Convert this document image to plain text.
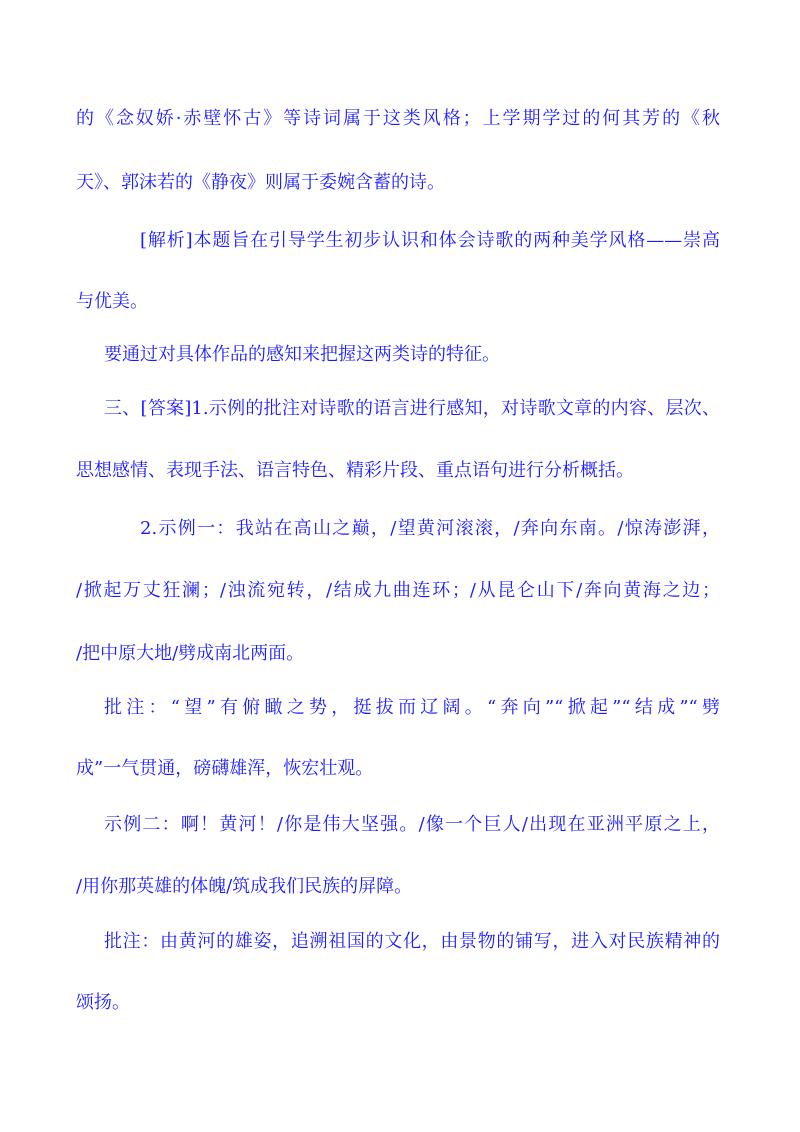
的《念奴娇·赤壁怀古》等诗词属于这类风格；上学期学过的何其芳的《秋

天》、郭沫若的《静夜》则属于委婉含蓄的诗。

[解析]本题旨在引导学生初步认识和体会诗歌的两种美学风格——崇高

与优美。

要通过对具体作品的感知来把握这两类诗的特征。

三、[答案]1.示例的批注对诗歌的语言进行感知，对诗歌文章的内容、层次、

思想感情、表现手法、语言特色、精彩片段、重点语句进行分析概括。

2.示例一：我站在高山之巅，/望黄河滚滚，/奔向东南。/惊涛澎湃，

/掀起万丈狂澜；/浊流宛转，/结成九曲连环；/从昆仑山下/奔向黄海之边；

/把中原大地/劈成南北两面。

批注：“望”有俯瞰之势，挺拔而辽阔。“奔向”“掀起”“结成”“劈

成”一气贯通，磅礴雄浑，恢宏壮观。

示例二：啊！黄河！/你是伟大坚强。/像一个巨人/出现在亚洲平原之上，

/用你那英雄的体魄/筑成我们民族的屏障。

批注：由黄河的雄姿，追溯祖国的文化，由景物的铺写，进入对民族精神的

颂扬。
